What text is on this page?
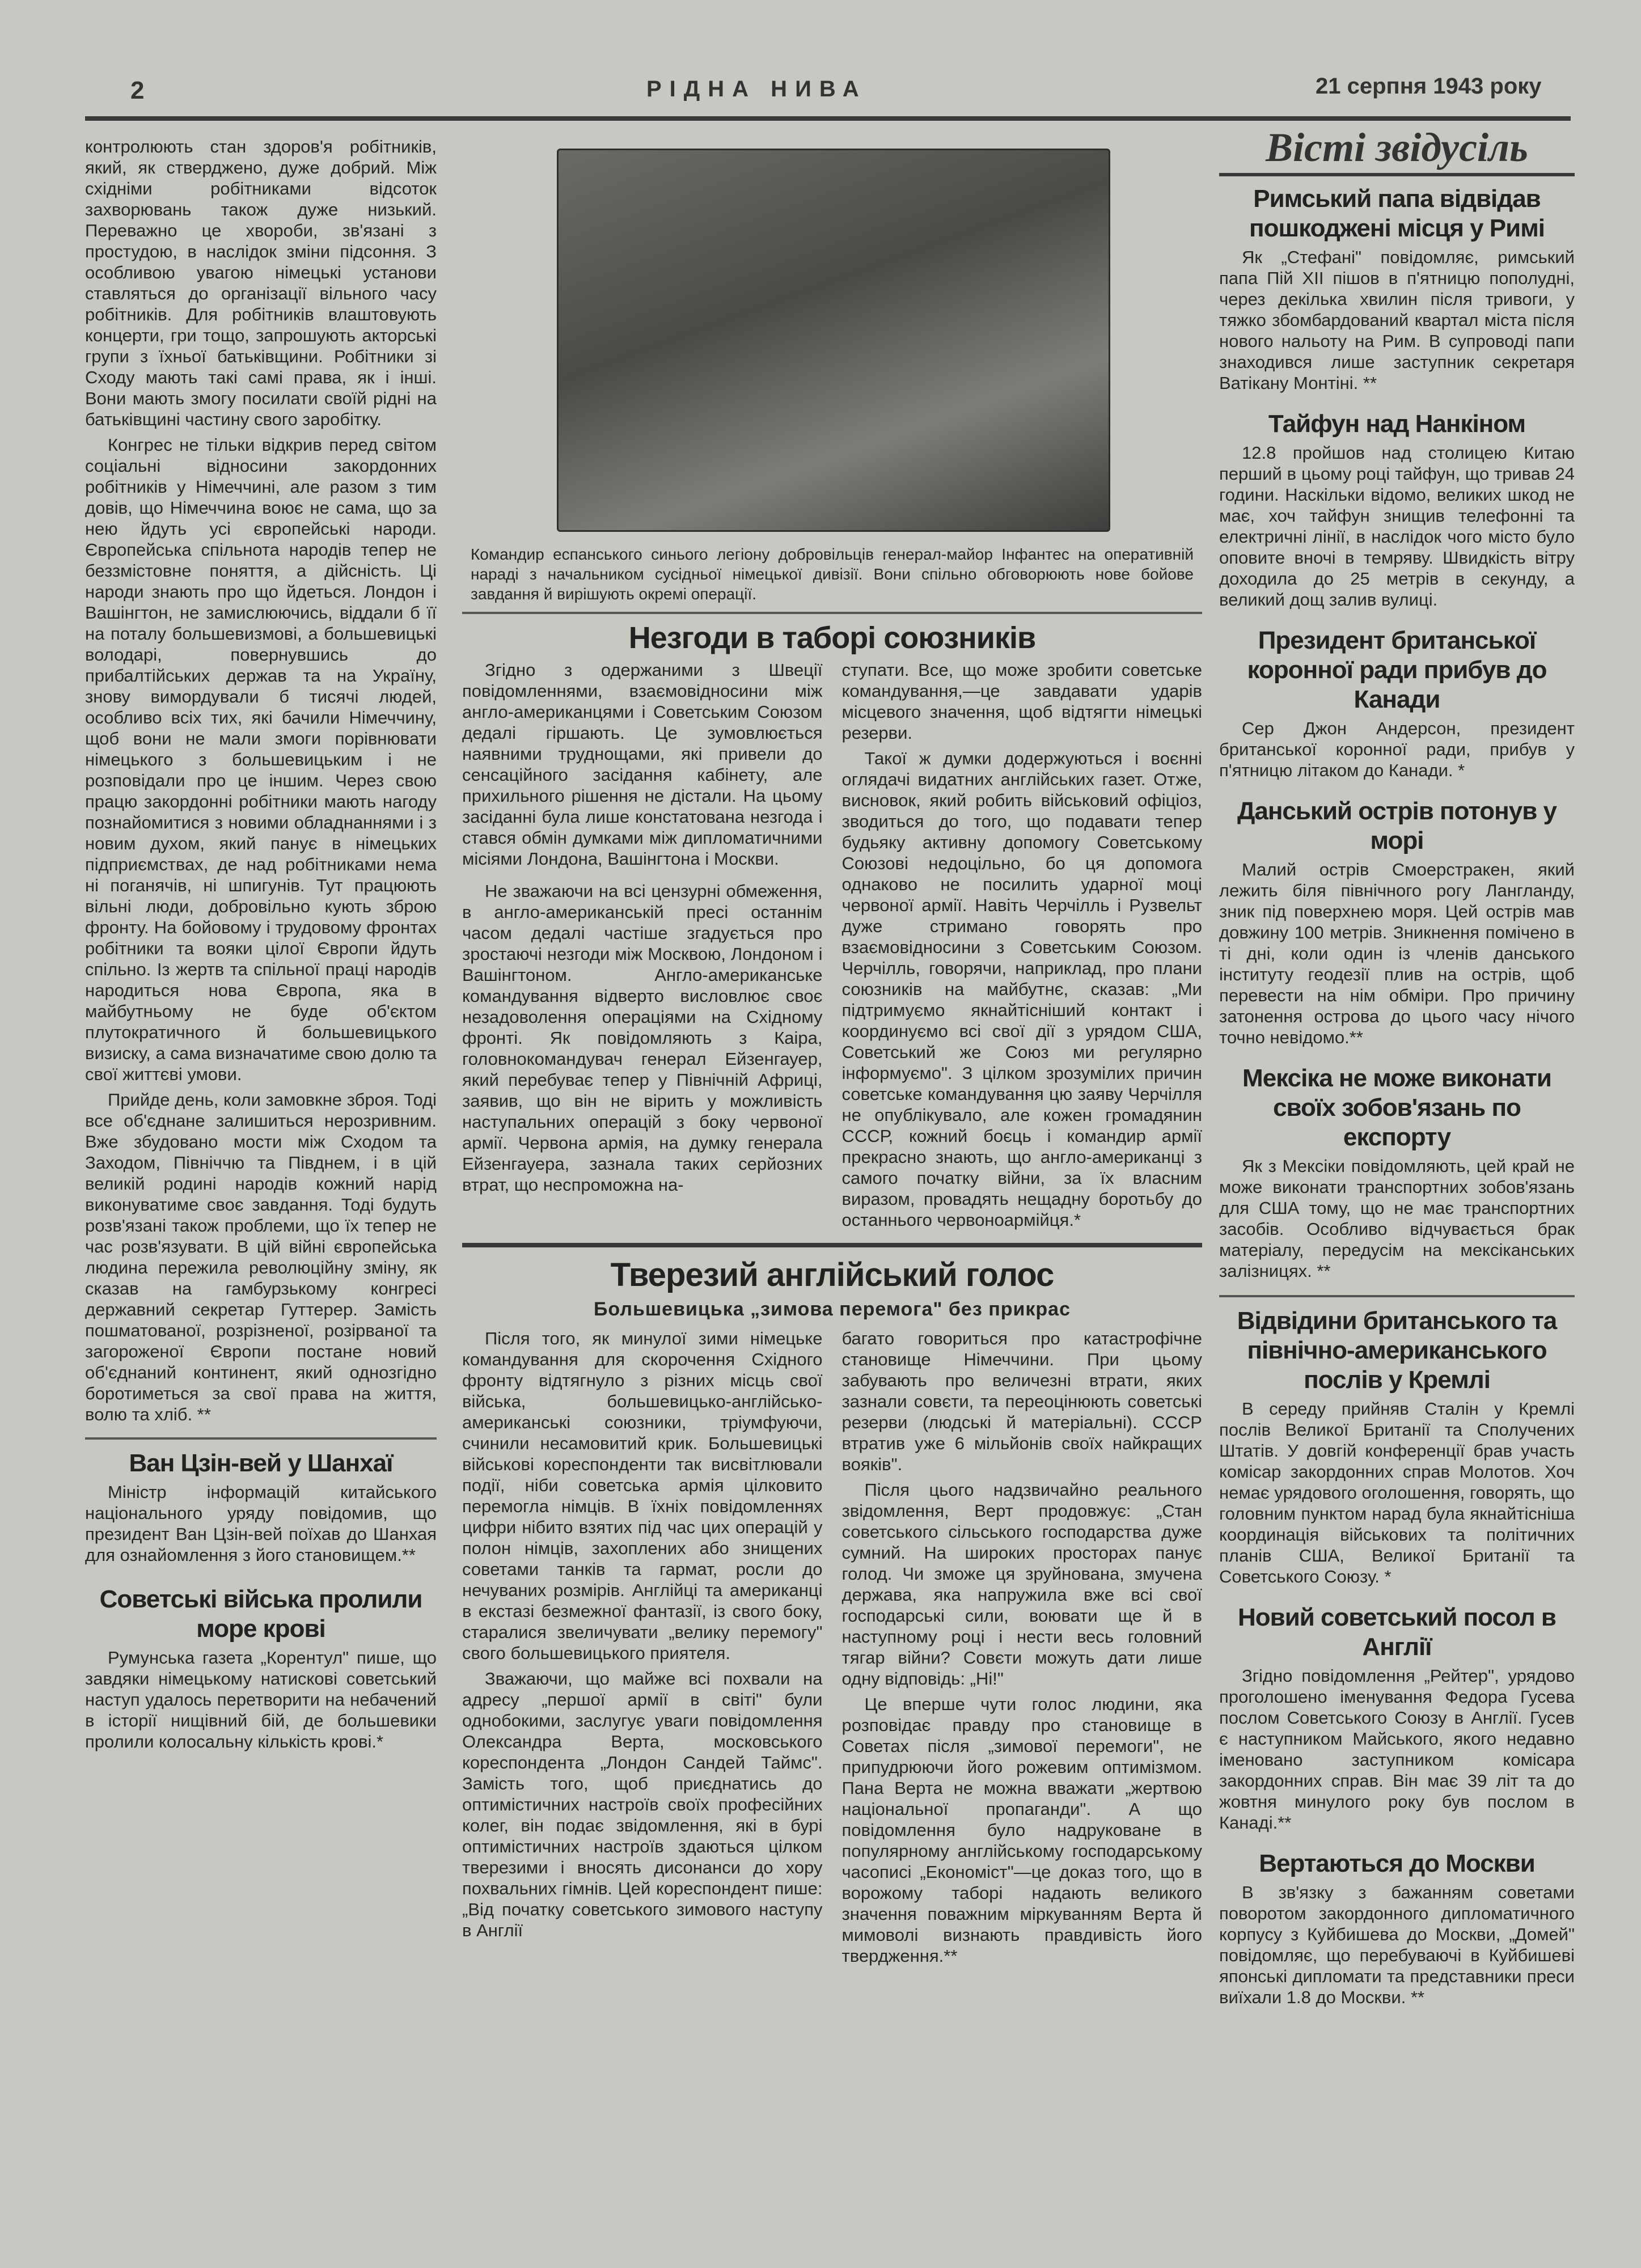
2	РІДНА НИВА	21 серпня 1943 року

контролюють стан здоров'я робітників, який, як стверджено, дуже добрий. Між східніми робітниками відсоток захворювань також дуже низький. Переважно це хвороби, зв'язані з простудою, в наслідок зміни підсоння. З особливою увагою німецькі установи ставляться до організації вільного часу робітників. Для робітників влаштовують концерти, гри тощо, запрошують акторські групи з їхньої батьківщини. Робітники зі Сходу мають такі самі права, як і інші. Вони мають змогу посилати своїй рідні на батьківщині частину свого заробітку.

Конгрес не тільки відкрив перед світом соціальні відносини закордонних робітників у Німеччині, але разом з тим довів, що Німеччина воює не сама, що за нею йдуть усі європейські народи. Європейська спільнота народів тепер не беззмістовне поняття, а дійсність. Ці народи знають про що йдеться. Лондон і Вашінгтон, не замислюючись, віддали б її на поталу большевизмові, а большевицькі володарі, повернувшись до прибалтійських держав та на Україну, знову вимордували б тисячі людей, особливо всіх тих, які бачили Німеччину, щоб вони не мали змоги порівнювати німецького з большевицьким і не розповідали про це іншим. Через свою працю закордонні робітники мають нагоду познайомитися з новими обладнаннями і з новим духом, який панує в німецьких підприємствах, де над робітниками нема ні поганячів, ні шпигунів. Тут працюють вільні люди, добровільно кують зброю фронту. На бойовому і трудовому фронтах робітники та вояки цілої Європи йдуть спільно. Із жертв та спільної праці народів народиться нова Європа, яка в майбутньому не буде об'єктом плутократичного й большевицького визиску, а сама визначатиме свою долю та свої життєві умови.

Прийде день, коли замовкне зброя. Тоді все об'єднане залишиться нерозривним. Вже збудовано мости між Сходом та Заходом, Північчю та Півднем, і в цій великій родині народів кожний нарід виконуватиме своє завдання. Тоді будуть розв'язані також проблеми, що їх тепер не час розв'язувати. В цій війні європейська людина пережила революційну зміну, як сказав на гамбурзькому конгресі державний секретар Гуттерер. Замість пошматованої, розрізненої, розірваної та загороженої Європи постане новий об'єднаний континент, який однозгідно боротиметься за свої права на життя, волю та хліб. **

Ван Цзін-вей у Шанхаї

Міністр інформацій китайського національного уряду повідомив, що президент Ван Цзін-вей поїхав до Шанхая для ознайомлення з його становищем.**

Советські війська пролили море крові

Румунська газета „Корентул" пише, що завдяки німецькому натискові советський наступ удалось перетворити на небачений в історії нищівний бій, де большевики пролили колосальну кількість крові.*

Командир еспанського синього легіону добровільців генерал-майор Інфантес на оперативній нараді з начальником сусідньої німецької дивізії. Вони спільно обговорюють нове бойове завдання й вирішують окремі операції.
Незгоди в таборі союзників

Згідно з одержаними з Швеції повідомленнями, взаємовідносини між англо-американцями і Советським Союзом дедалі гіршають. Це зумовлюється наявними труднощами, які привели до сенсаційного засідання кабінету, але прихильного рішення не дістали. На цьому засіданні була лише констатована незгода і стався обмін думками між дипломатичними місіями Лондона, Вашінгтона і Москви.

Не зважаючи на всі цензурні обмеження, в англо-американській пресі останнім часом дедалі частіше згадується про зростаючі незгоди між Москвою, Лондоном і Вашінгтоном. Англо-американське командування відверто висловлює своє незадоволення операціями на Східному фронті. Як повідомляють з Каіра, головнокомандувач генерал Ейзенгауер, який перебуває тепер у Північній Африці, заявив, що він не вірить у можливість наступальних операцій з боку червоної армії. Червона армія, на думку генерала Ейзенгауера, зазнала таких серйозних втрат, що неспроможна на-

ступати. Все, що може зробити советське командування,—це завдавати ударів місцевого значення, щоб відтягти німецькі резерви.

Такої ж думки додержуються і воєнні оглядачі видатних англійських газет. Отже, висновок, який робить військовий офіціоз, зводиться до того, що подавати тепер будьяку активну допомогу Советському Союзові недоцільно, бо ця допомога однаково не посилить ударної моці червоної армії. Навіть Черчілль і Рузвельт дуже стримано говорять про взаємовідносини з Советським Союзом. Черчілль, говорячи, наприклад, про плани союзників на майбутнє, сказав: „Ми підтримуємо якнайтісніший контакт і координуємо всі свої дії з урядом США, Советський же Союз ми регулярно інформуємо". З цілком зрозумілих причин советське командування цю заяву Черчілля не опублікувало, але кожен громадянин СССР, кожний боєць і командир армії прекрасно знають, що англо-американці з самого початку війни, за їх власним виразом, провадять нещадну боротьбу до останнього червоноармійця.*

Тверезий англійський голос
Большевицька „зимова перемога" без прикрас

Після того, як минулої зими німецьке командування для скорочення Східного фронту відтягнуло з різних місць свої війська, большевицько-англійсько-американські союзники, тріумфуючи, счинили несамовитий крик. Большевицькі військові кореспонденти так висвітлювали події, ніби советська армія цілковито перемогла німців. В їхніх повідомленнях цифри нібито взятих під час цих операцій у полон німців, захоплених або знищених советами танків та гармат, росли до нечуваних розмірів. Англійці та американці в екстазі безмежної фантазії, із свого боку, старалися звеличувати „велику перемогу" свого большевицького приятеля.

Зважаючи, що майже всі похвали на адресу „першої армії в світі" були однобокими, заслугує уваги повідомлення Олександра Верта, московського кореспондента „Лондон Сандей Таймс". Замість того, щоб приєднатись до оптимістичних настроїв своїх професійних колег, він подає звідомлення, які в бурі оптимістичних настроїв здаються цілком тверезими і вносять дисонанси до хору похвальних гімнів. Цей кореспондент пише: „Від початку советського зимового наступу в Англії

багато говориться про катастрофічне становище Німеччини. При цьому забувають про величезні втрати, яких зазнали совєти, та переоцінюють советські резерви (людські й матеріальні). СССР втратив уже 6 мільйонів своїх найкращих вояків".

Після цього надзвичайно реального звідомлення, Верт продовжує: „Стан советського сільського господарства дуже сумний. На широких просторах панує голод. Чи зможе ця зруйнована, змучена держава, яка напружила вже всі свої господарські сили, воювати ще й в наступному році і нести весь головний тягар війни? Совєти можуть дати лише одну відповідь: „Ні!"

Це вперше чути голос людини, яка розповідає правду про становище в Советах після „зимової перемоги", не припудрюючи його рожевим оптимізмом. Пана Верта не можна вважати „жертвою національної пропаганди". А що повідомлення було надруковане в популярному англійському господарському часописі „Економіст"—це доказ того, що в ворожому таборі надають великого значення поважним міркуванням Верта й мимоволі визнають правдивість його твердження.**

Вісті звідусіль
Римський папа відвідав пошкоджені місця у Римі

Як „Стефані" повідомляє, римський папа Пій XII пішов в п'ятницю пополудні, через декілька хвилин після тривоги, у тяжко збомбардований квартал міста після нового нальоту на Рим. В супроводі папи знаходився лише заступник секретаря Ватікану Монтіні. **

Тайфун над Нанкіном

12.8 пройшов над столицею Китаю перший в цьому році тайфун, що тривав 24 години. Наскільки відомо, великих шкод не має, хоч тайфун знищив телефонні та електричні лінії, в наслідок чого місто було оповите вночі в темряву. Швидкість вітру доходила до 25 метрів в секунду, а великий дощ залив вулиці.

Президент британської коронної ради прибув до Канади

Сер Джон Андерсон, президент британської коронної ради, прибув у п'ятницю літаком до Канади. *

Данський острів потонув у морі

Малий острів Смоерстракен, який лежить біля північного рогу Лангланду, зник під поверхнею моря. Цей острів мав довжину 100 метрів. Зникнення помічено в ті дні, коли один із членів данського інституту геодезії плив на острів, щоб перевести на нім обміри. Про причину затонення острова до цього часу нічого точно невідомо.**

Мексіка не може виконати своїх зобов'язань по експорту

Як з Мексіки повідомляють, цей край не може виконати транспортних зобов'язань для США тому, що не має транспортних засобів. Особливо відчувається брак матеріалу, передусім на мексіканських залізницях. **

Відвідини британського та північно-американського послів у Кремлі

В середу прийняв Сталін у Кремлі послів Великої Британії та Сполучених Штатів. У довгій конференції брав участь комісар закордонних справ Молотов. Хоч немає урядового оголошення, говорять, що головним пунктом нарад була якнайтісніша координація військових та політичних планів США, Великої Британії та Советського Союзу. *

Новий советський посол в Англії

Згідно повідомлення „Рейтер", урядово проголошено іменування Федора Гусева послом Советського Союзу в Англії. Гусев є наступником Майського, якого недавно іменовано заступником комісара закордонних справ. Він має 39 літ та до жовтня минулого року був послом в Канаді.**

Вертаються до Москви

В зв'язку з бажанням советами поворотом закордонного дипломатичного корпусу з Куйбишева до Москви, „Домей" повідомляє, що перебуваючі в Куйбишеві японські дипломати та представники преси виїхали 1.8 до Москви. **
